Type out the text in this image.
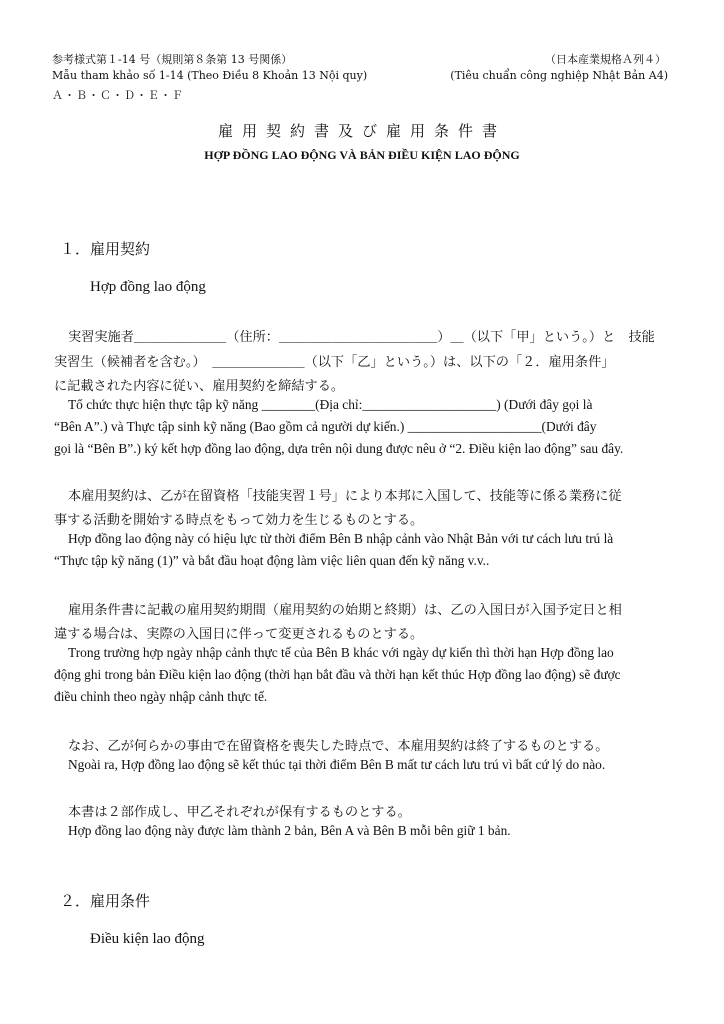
参考様式第１-14 号（規則第８条第 13 号関係）
Mẫu tham khảo số 1-14 (Theo Điều 8 Khoản 13 Nội quy)
Ａ・Ｂ・Ｃ・Ｄ・Ｅ・Ｆ
（日本産業規格Ａ列４）
(Tiêu chuẩn công nghiệp Nhật Bản A4)
雇用契約書及び雇用条件書
HỢP ĐỒNG LAO ĐỘNG VÀ BẢN ĐIỀU KIỆN LAO ĐỘNG
１．雇用契約
Hợp đồng lao động
実習実施者＿＿＿＿＿＿＿（住所：＿＿＿＿＿＿＿＿＿＿＿＿）＿（以下「甲」という。）と　技能
実習生（候補者を含む。）　＿＿＿＿＿＿＿（以下「乙」という。）は、以下の「２．雇用条件」
に記載された内容に従い、雇用契約を締結する。
Tổ chức thực hiện thực tập kỹ năng ________(Địa chỉ:____________________) (Dưới đây gọi là
“Bên A”.) và Thực tập sinh kỹ năng (Bao gồm cả người dự kiến.) ____________________(Dưới đây
gọi là “Bên B”.) ký kết hợp đồng lao động, dựa trên nội dung được nêu ở “2. Điều kiện lao động” sau đây.
本雇用契約は、乙が在留資格「技能実習１号」により本邦に入国して、技能等に係る業務に従
事する活動を開始する時点をもって効力を生じるものとする。
Hợp đồng lao động này có hiệu lực từ thời điểm Bên B nhập cảnh vào Nhật Bản với tư cách lưu trú là
“Thực tập kỹ năng (1)” và bắt đầu hoạt động làm việc liên quan đến kỹ năng v.v..
雇用条件書に記載の雇用契約期間（雇用契約の始期と終期）は、乙の入国日が入国予定日と相
違する場合は、実際の入国日に伴って変更されるものとする。
Trong trường hợp ngày nhập cảnh thực tế của Bên B khác với ngày dự kiến thì thời hạn Hợp đồng lao
động ghi trong bản Điều kiện lao động (thời hạn bắt đầu và thời hạn kết thúc Hợp đồng lao động) sẽ được
điều chỉnh theo ngày nhập cảnh thực tế.
なお、乙が何らかの事由で在留資格を喪失した時点で、本雇用契約は終了するものとする。
Ngoài ra, Hợp đồng lao động sẽ kết thúc tại thời điểm Bên B mất tư cách lưu trú vì bất cứ lý do nào.
本書は２部作成し、甲乙それぞれが保有するものとする。
Hợp đồng lao động này được làm thành 2 bản, Bên A và Bên B mỗi bên giữ 1 bản.
２．雇用条件
Điều kiện lao động
